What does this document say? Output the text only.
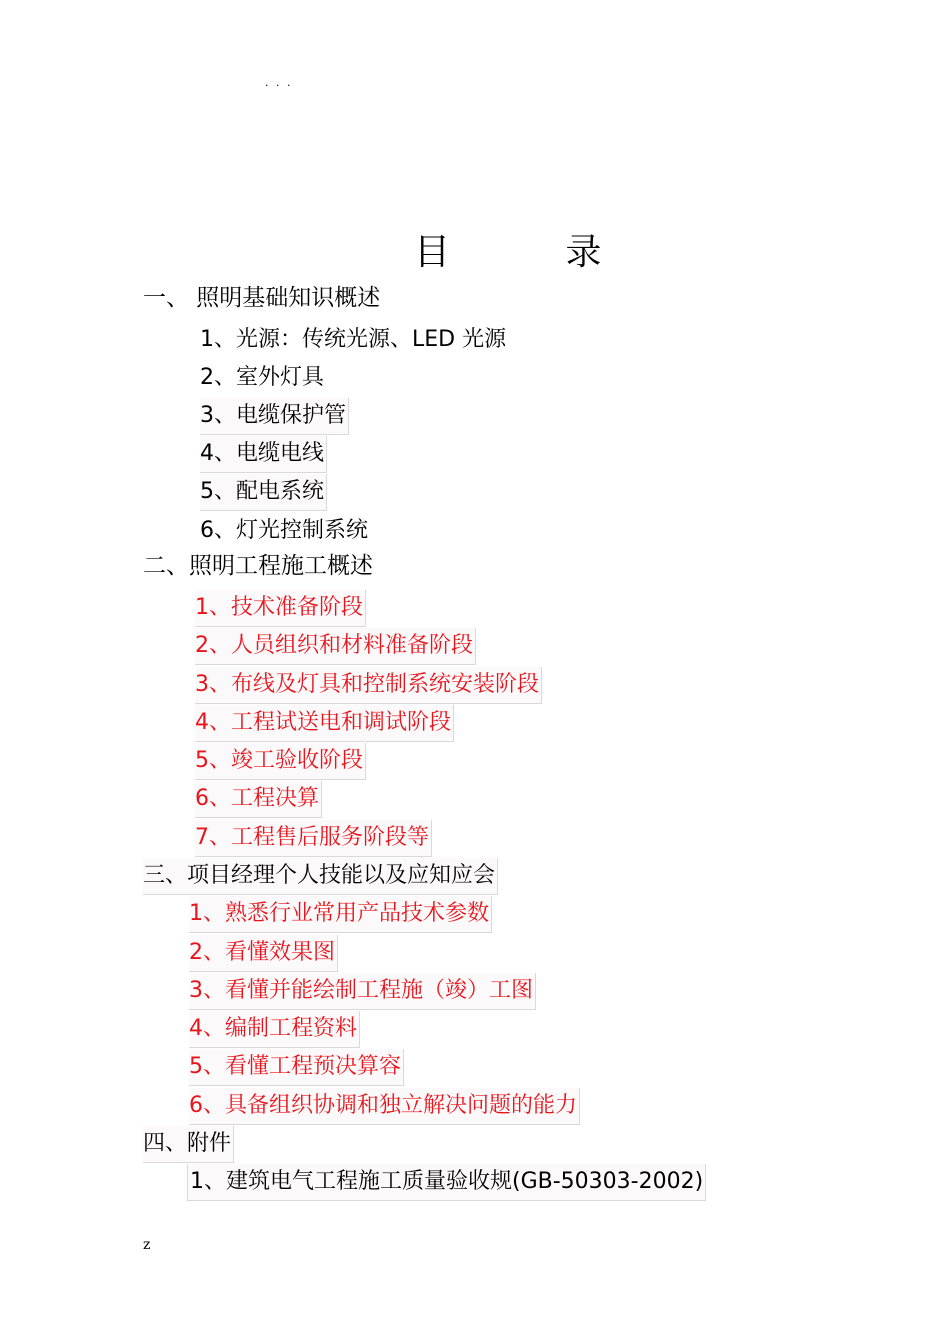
. . .
目 录
一、 照明基础知识概述
1、光源：传统光源、LED 光源
2、室外灯具
3、电缆保护管
4、电缆电线
5、配电系统
6、灯光控制系统
二、照明工程施工概述
1、技术准备阶段
2、人员组织和材料准备阶段
3、布线及灯具和控制系统安装阶段
4、工程试送电和调试阶段
5、竣工验收阶段
6、工程决算
7、工程售后服务阶段等
三、项目经理个人技能以及应知应会
1、熟悉行业常用产品技术参数
2、看懂效果图
3、看懂并能绘制工程施（竣）工图
4、编制工程资料
5、看懂工程预决算容
6、具备组织协调和独立解决问题的能力
四、附件
1、建筑电气工程施工质量验收规(GB-50303-2002)
z
